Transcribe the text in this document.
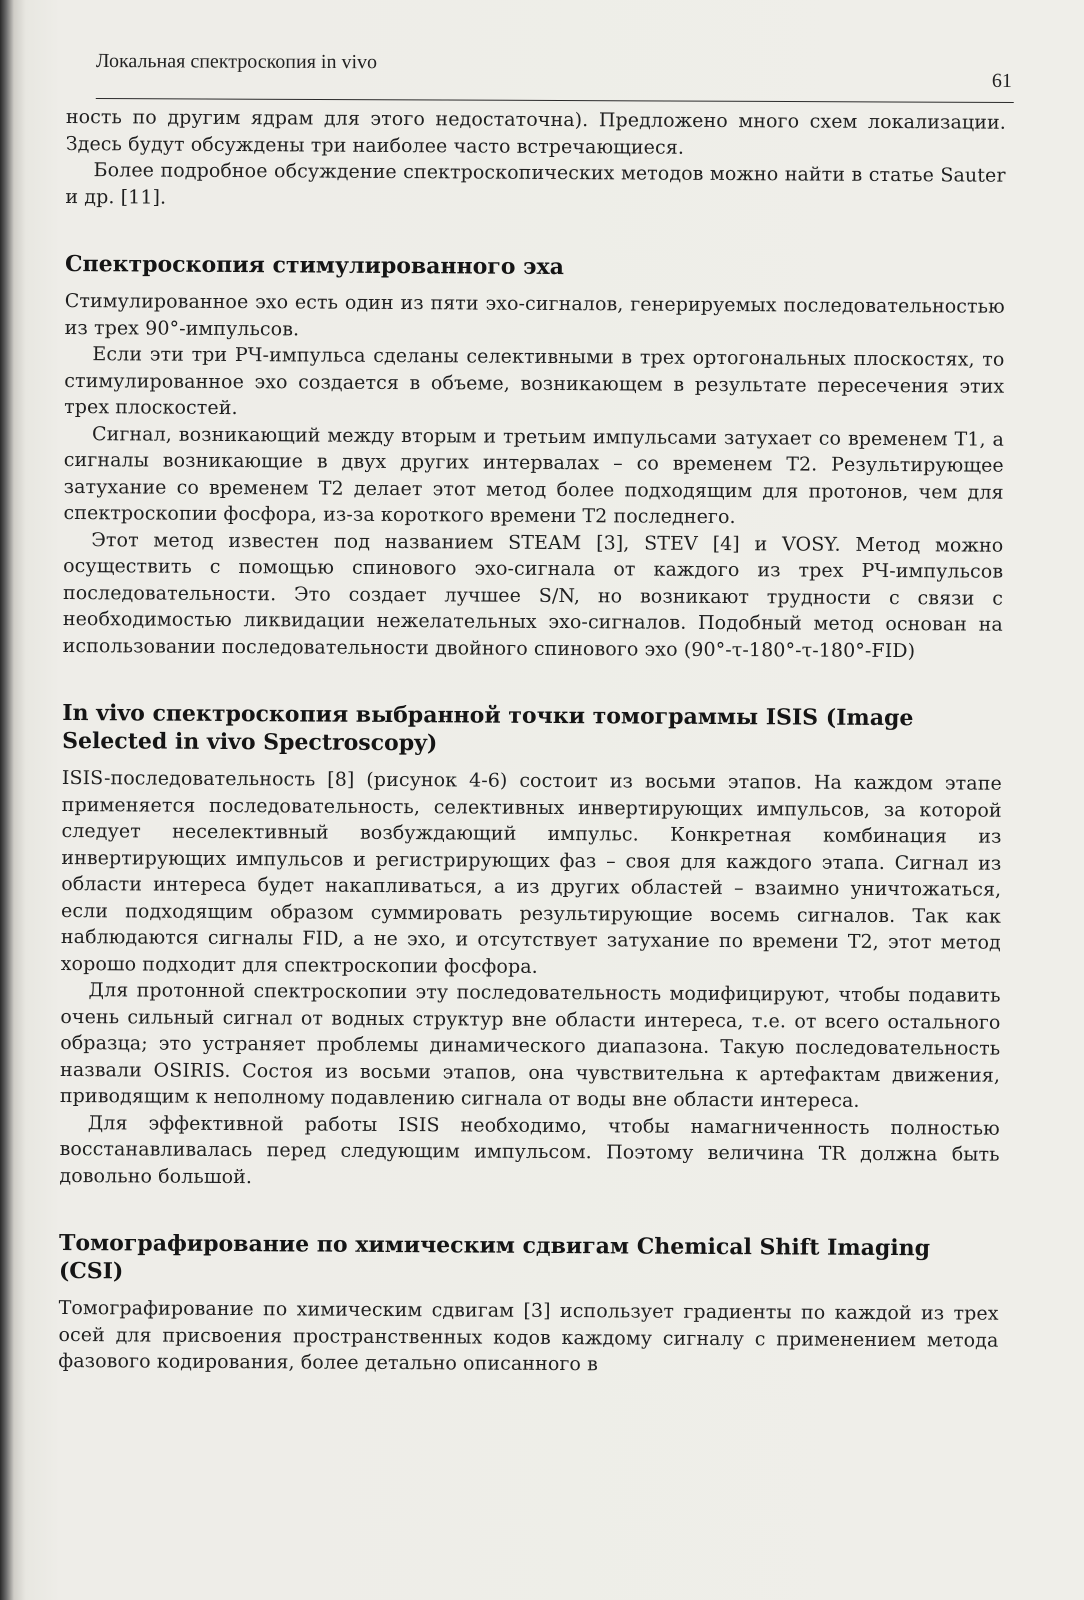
Локальная спектроскопия in vivo
61

ность по другим ядрам для этого недостаточна). Предложено много схем локализации. Здесь будут обсуждены три наиболее часто встречающиеся.

Более подробное обсуждение спектроскопических методов можно найти в статье Sauter и др. [11].

Спектроскопия стимулированного эха

Стимулированное эхо есть один из пяти эхо-сигналов, генерируемых последовательностью из трех 90°-импульсов.

Если эти три РЧ-импульса сделаны селективными в трех ортогональных плоскостях, то стимулированное эхо создается в объеме, возникающем в результате пересечения этих трех плоскостей.

Сигнал, возникающий между вторым и третьим импульсами затухает со временем T1, а сигналы возникающие в двух других интервалах – со временем T2. Результирующее затухание со временем T2 делает этот метод более подходящим для протонов, чем для спектроскопии фосфора, из-за короткого времени T2 последнего.

Этот метод известен под названием STEAM [3], STEV [4] и VOSY. Метод можно осуществить с помощью спинового эхо-сигнала от каждого из трех РЧ-импульсов последовательности. Это создает лучшее S/N, но возникают трудности с связи с необходимостью ликвидации нежелательных эхо-сигналов. Подобный метод основан на использовании последовательности двойного спинового эхо (90°-τ-180°-τ-180°-FID)

In vivo спектроскопия выбранной точки томограммы ISIS (Image Selected in vivo Spectroscopy)

ISIS-последовательность [8] (рисунок 4-6) состоит из восьми этапов. На каждом этапе применяется последовательность, селективных инвертирующих импульсов, за которой следует неселективный возбуждающий импульс. Конкретная комбинация из инвертирующих импульсов и регистрирующих фаз – своя для каждого этапа. Сигнал из области интереса будет накапливаться, а из других областей – взаимно уничтожаться, если подходящим образом суммировать результирующие восемь сигналов. Так как наблюдаются сигналы FID, а не эхо, и отсутствует затухание по времени T2, этот метод хорошо подходит для спектроскопии фосфора.

Для протонной спектроскопии эту последовательность модифицируют, чтобы подавить очень сильный сигнал от водных структур вне области интереса, т.е. от всего остального образца; это устраняет проблемы динамического диапазона. Такую последовательность назвали OSIRIS. Состоя из восьми этапов, она чувствительна к артефактам движения, приводящим к неполному подавлению сигнала от воды вне области интереса.

Для эффективной работы ISIS необходимо, чтобы намагниченность полностью восстанавливалась перед следующим импульсом. Поэтому величина TR должна быть довольно большой.

Томографирование по химическим сдвигам Chemical Shift Imaging (CSI)

Томографирование по химическим сдвигам [3] использует градиенты по каждой из трех осей для присвоения пространственных кодов каждому сигналу с применением метода фазового кодирования, более детально описанного в
